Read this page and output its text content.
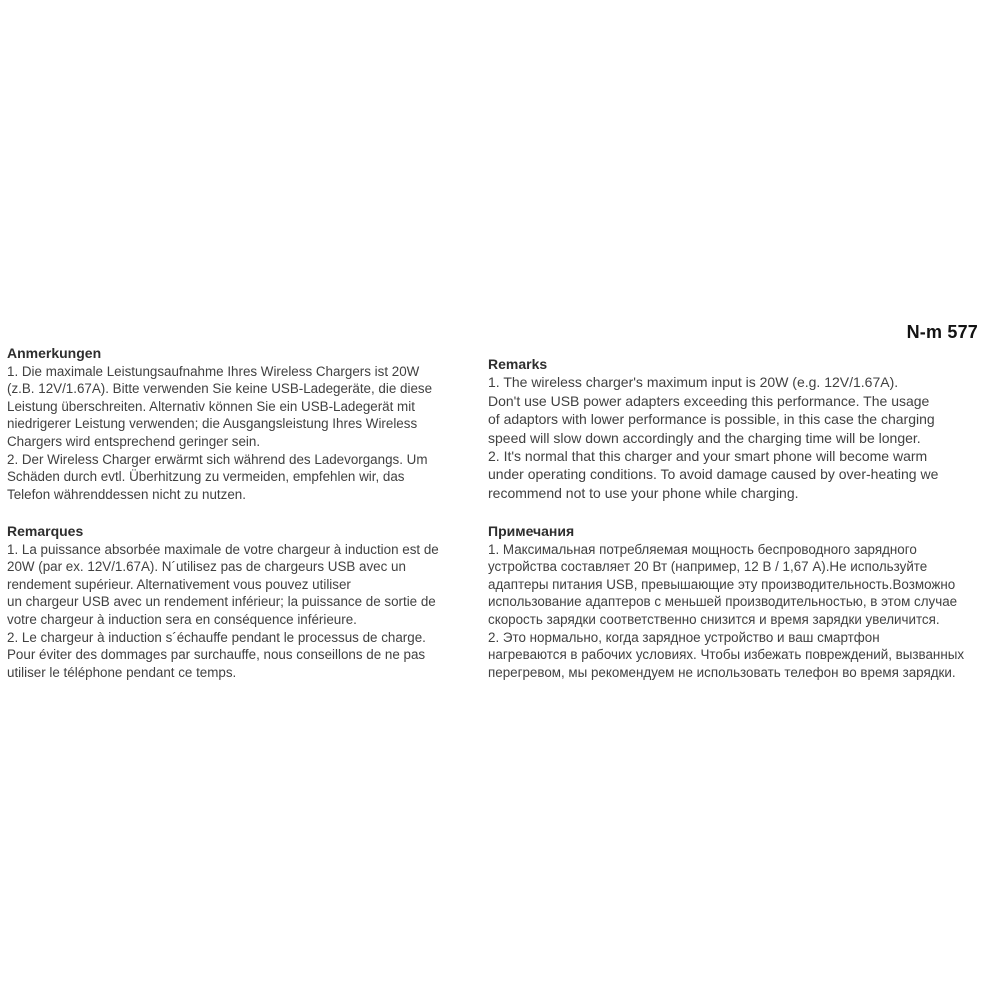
N-m 577
Anmerkungen
1. Die maximale Leistungsaufnahme Ihres Wireless Chargers ist 20W
(z.B. 12V/1.67A). Bitte verwenden Sie keine USB-Ladegeräte, die diese
Leistung überschreiten. Alternativ können Sie ein USB-Ladegerät mit
niedrigerer Leistung verwenden; die Ausgangsleistung Ihres Wireless
Chargers wird entsprechend geringer sein.
2. Der Wireless Charger erwärmt sich während des Ladevorgangs. Um
Schäden durch evtl. Überhitzung zu vermeiden, empfehlen wir, das
Telefon währenddessen nicht zu nutzen.
Remarks
1. The wireless charger's maximum input is 20W (e.g. 12V/1.67A).
Don't use USB power adapters exceeding this performance. The usage
of adaptors with lower performance is possible, in this case the charging
speed will slow down accordingly and the charging time will be longer.
2. It's normal that this charger and your smart phone will become warm
under operating conditions. To avoid damage caused by over-heating we
recommend not to use your phone while charging.
Remarques
1. La puissance absorbée maximale de votre chargeur à induction est de
20W (par ex. 12V/1.67A). N´utilisez pas de chargeurs USB avec un
rendement supérieur. Alternativement vous pouvez utiliser
un chargeur USB avec un rendement inférieur; la puissance de sortie de
votre chargeur à induction sera en conséquence inférieure.
2. Le chargeur à induction s´échauffe pendant le processus de charge.
Pour éviter des dommages par surchauffe, nous conseillons de ne pas
utiliser le téléphone pendant ce temps.
Примечания
1. Максимальная потребляемая мощность беспроводного зарядного
устройства составляет 20 Вт (например, 12 В / 1,67 А).Не используйте
адаптеры питания USB, превышающие эту производительность.Возможно
использование адаптеров с меньшей производительностью, в этом случае
скорость зарядки соответственно снизится и время зарядки увеличится.
2. Это нормально, когда зарядное устройство и ваш смартфон
нагреваются в рабочих условиях. Чтобы избежать повреждений, вызванных
перегревом, мы рекомендуем не использовать телефон во время зарядки.
